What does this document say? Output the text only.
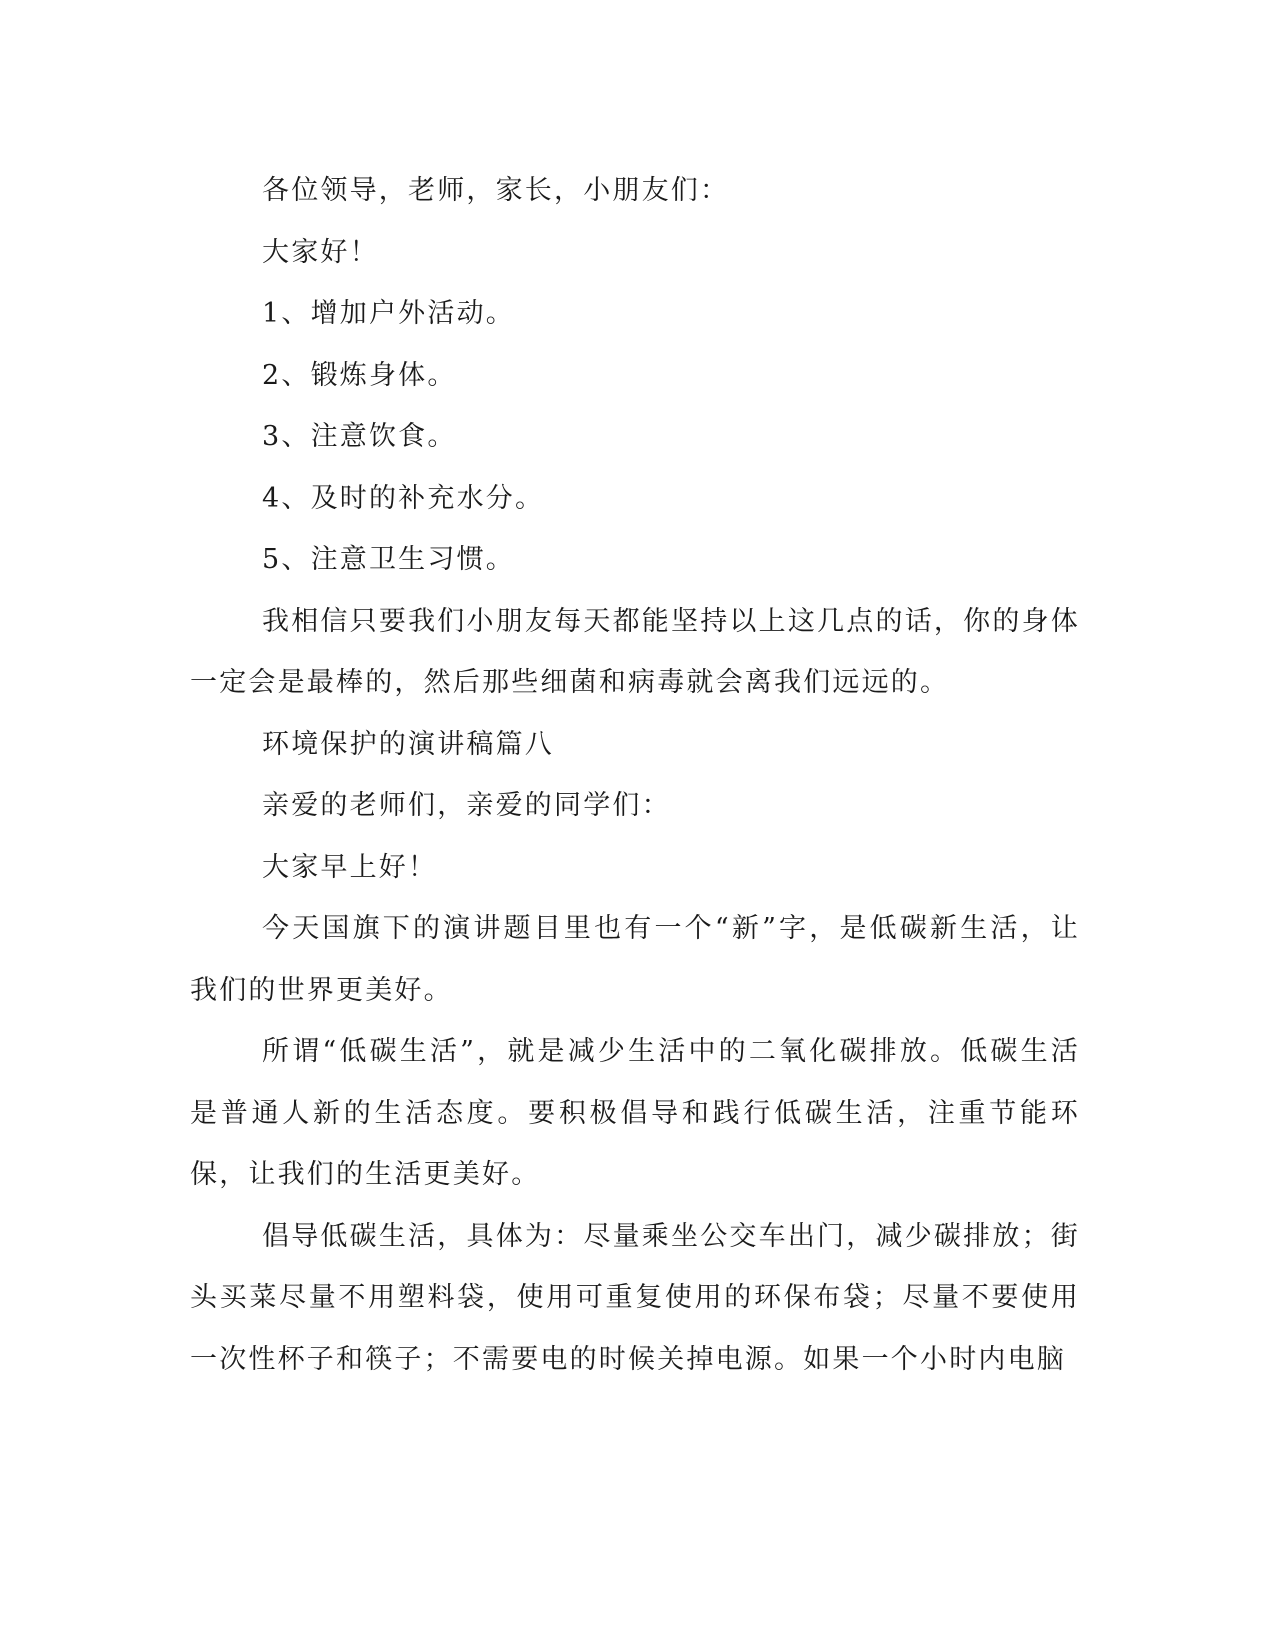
各位领导，老师，家长，小朋友们：

大家好！

1、增加户外活动。

2、锻炼身体。

3、注意饮食。

4、及时的补充水分。

5、注意卫生习惯。

我相信只要我们小朋友每天都能坚持以上这几点的话，你的身体一定会是最棒的，然后那些细菌和病毒就会离我们远远的。

环境保护的演讲稿篇八

亲爱的老师们，亲爱的同学们：

大家早上好！

今天国旗下的演讲题目里也有一个“新”字，是低碳新生活，让我们的世界更美好。

所谓“低碳生活”，就是减少生活中的二氧化碳排放。低碳生活是普通人新的生活态度。要积极倡导和践行低碳生活，注重节能环保，让我们的生活更美好。

倡导低碳生活，具体为：尽量乘坐公交车出门，减少碳排放；街头买菜尽量不用塑料袋，使用可重复使用的环保布袋；尽量不要使用一次性杯子和筷子；不需要电的时候关掉电源。如果一个小时内电脑
